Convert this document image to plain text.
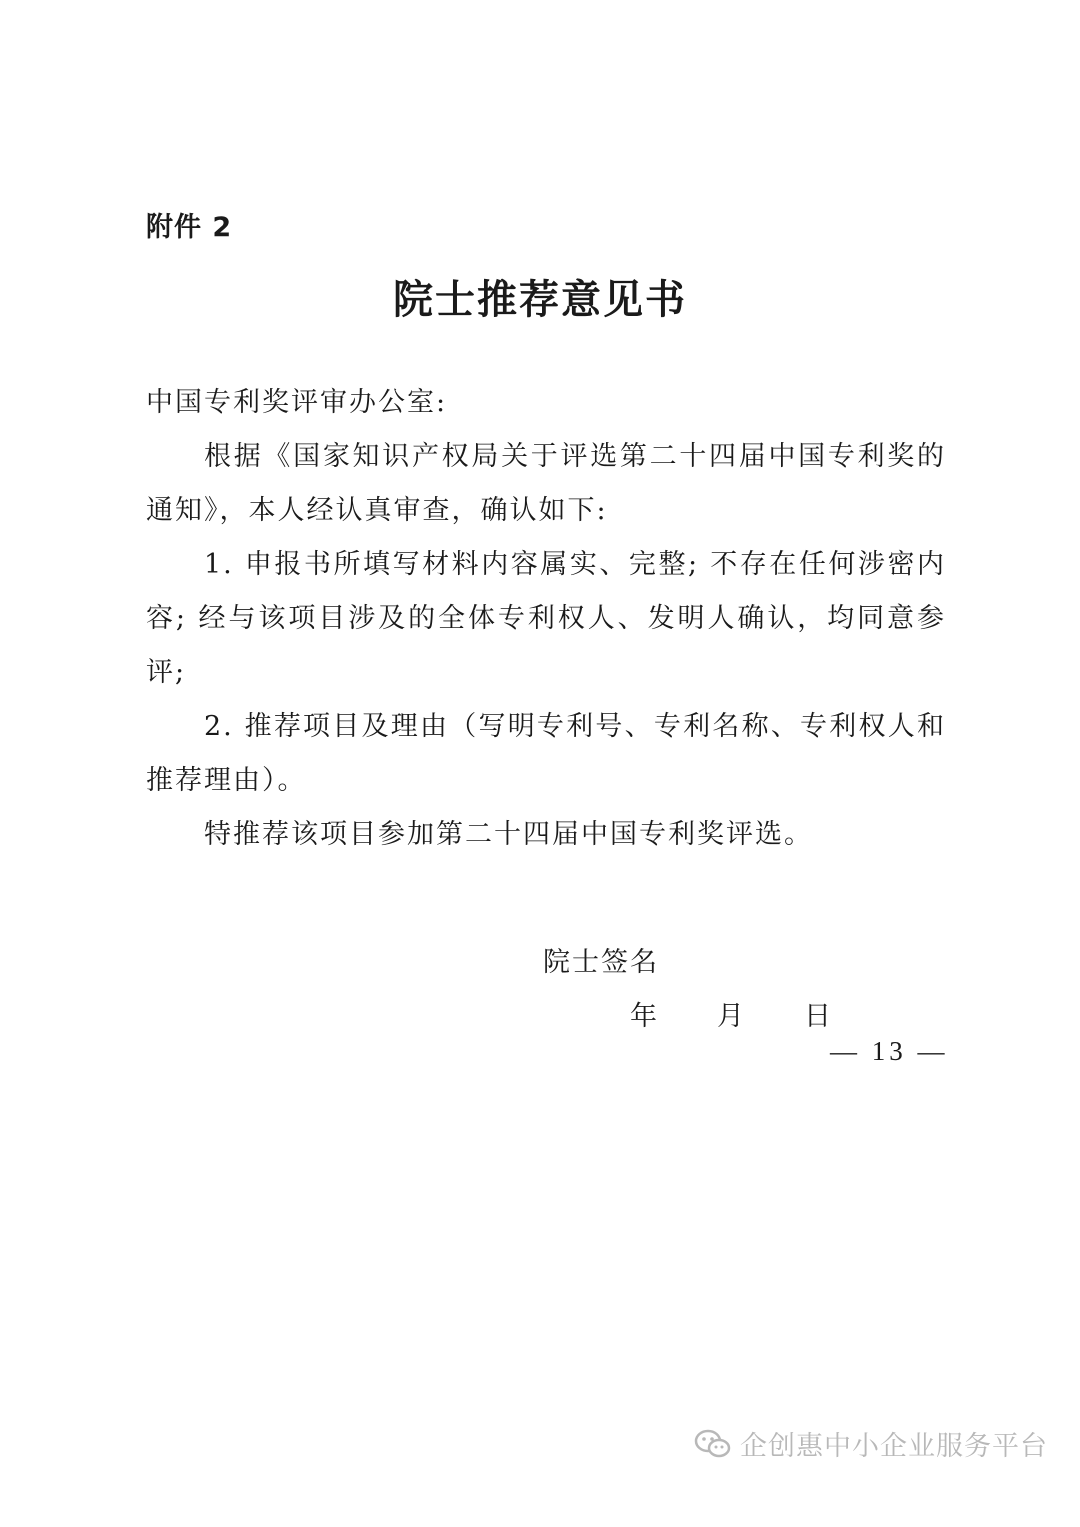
附件 2
院士推荐意见书
中国专利奖评审办公室:

根据《国家知识产权局关于评选第二十四届中国专利奖的通知》，本人经认真审查，确认如下:

1. 申报书所填写材料内容属实、完整; 不存在任何涉密内容; 经与该项目涉及的全体专利权人、发明人确认，均同意参评;

2. 推荐项目及理由（写明专利号、专利名称、专利权人和推荐理由）。

特推荐该项目参加第二十四届中国专利奖评选。

院士签名
年 月 日
— 13 —
企创惠中小企业服务平台
